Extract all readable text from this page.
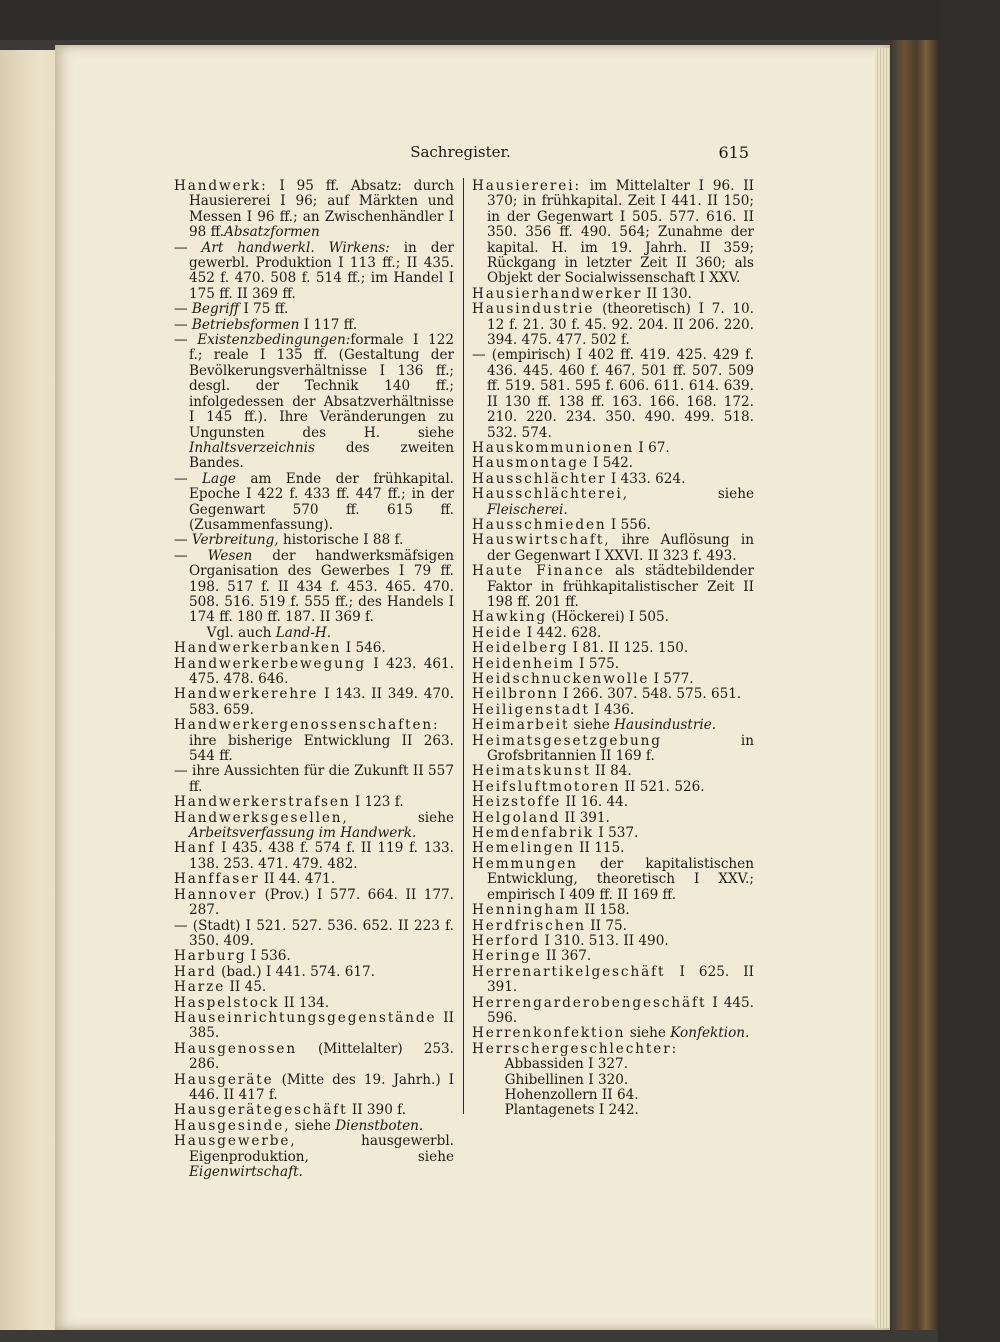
Sachregister.	615

Handwerk: I 95 ff. Absatz: durch Hausiererei I 96; auf Märkten und Messen I 96 ff.; an Zwischenhändler I 98 ff.Absatzformen

— Art handwerkl. Wirkens: in der gewerbl. Produktion I 113 ff.; II 435. 452 f. 470. 508 f. 514 ff.; im Handel I 175 ff. II 369 ff.

— Begriff I 75 ff.

— Betriebsformen I 117 ff.

— Existenzbedingungen:formale I 122 f.; reale I 135 ff. (Gestaltung der Bevölkerungsverhältnisse I 136 ff.; desgl. der Technik 140 ff.; infolgedessen der Absatzverhältnisse I 145 ff.). Ihre Veränderungen zu Ungunsten des H. siehe Inhaltsverzeichnis des zweiten Bandes.

— Lage am Ende der frühkapital. Epoche I 422 f. 433 ff. 447 ff.; in der Gegenwart 570 ff. 615 ff. (Zusammenfassung).

— Verbreitung, historische I 88 f.

— Wesen der handwerksmäfsigen Organisation des Gewerbes I 79 ff. 198. 517 f. II 434 f. 453. 465. 470. 508. 516. 519 f. 555 ff.; des Handels I 174 ff. 180 ff. 187. II 369 f.

Vgl. auch Land-H.

Handwerkerbanken I 546.

Handwerkerbewegung I 423. 461. 475. 478. 646.

Handwerkerehre I 143. II 349. 470. 583. 659.

Handwerkergenossenschaften: ihre bisherige Entwicklung II 263. 544 ff.

— ihre Aussichten für die Zukunft II 557 ff.

Handwerkerstrafsen I 123 f.

Handwerksgesellen, siehe Arbeitsverfassung im Handwerk.

Hanf I 435. 438 f. 574 f. II 119 f. 133. 138. 253. 471. 479. 482.

Hanffaser II 44. 471.

Hannover (Prov.) I 577. 664. II 177. 287.

— (Stadt) I 521. 527. 536. 652. II 223 f. 350. 409.

Harburg I 536.

Hard (bad.) I 441. 574. 617.

Harze II 45.

Haspelstock II 134.

Hauseinrichtungsgegenstände II 385.

Hausgenossen (Mittelalter) 253. 286.

Hausgeräte (Mitte des 19. Jahrh.) I 446. II 417 f.

Hausgerätegeschäft II 390 f.

Hausgesinde, siehe Dienstboten.

Hausgewerbe, hausgewerbl. Eigenproduktion, siehe Eigenwirtschaft.

Hausiererei: im Mittelalter I 96. II 370; in frühkapital. Zeit I 441. II 150; in der Gegenwart I 505. 577. 616. II 350. 356 ff. 490. 564; Zunahme der kapital. H. im 19. Jahrh. II 359; Rückgang in letzter Zeit II 360; als Objekt der Socialwissenschaft I XXV.

Hausierhandwerker II 130.

Hausindustrie (theoretisch) I 7. 10. 12 f. 21. 30 f. 45. 92. 204. II 206. 220. 394. 475. 477. 502 f.

— (empirisch) I 402 ff. 419. 425. 429 f. 436. 445. 460 f. 467. 501 ff. 507. 509 ff. 519. 581. 595 f. 606. 611. 614. 639. II 130 ff. 138 ff. 163. 166. 168. 172. 210. 220. 234. 350. 490. 499. 518. 532. 574.

Hauskommunionen I 67.

Hausmontage I 542.

Hausschlächter I 433. 624.

Hausschlächterei, siehe Fleischerei.

Hausschmieden I 556.

Hauswirtschaft, ihre Auflösung in der Gegenwart I XXVI. II 323 f. 493.

Haute Finance als städtebildender Faktor in frühkapitalistischer Zeit II 198 ff. 201 ff.

Hawking (Höckerei) I 505.

Heide I 442. 628.

Heidelberg I 81. II 125. 150.

Heidenheim I 575.

Heidschnuckenwolle I 577.

Heilbronn I 266. 307. 548. 575. 651.

Heiligenstadt I 436.

Heimarbeit siehe Hausindustrie.

Heimatsgesetzgebung in Grofsbritannien II 169 f.

Heimatskunst II 84.

Heifsluftmotoren II 521. 526.

Heizstoffe II 16. 44.

Helgoland II 391.

Hemdenfabrik I 537.

Hemelingen II 115.

Hemmungen der kapitalistischen Entwicklung, theoretisch I XXV.; empirisch I 409 ff. II 169 ff.

Henningham II 158.

Herdfrischen II 75.

Herford I 310. 513. II 490.

Heringe II 367.

Herrenartikelgeschäft I 625. II 391.

Herrengarderobengeschäft I 445. 596.

Herrenkonfektion siehe Konfektion.

Herrschergeschlechter:

Abbassiden I 327.

Ghibellinen I 320.

Hohenzollern II 64.

Plantagenets I 242.
